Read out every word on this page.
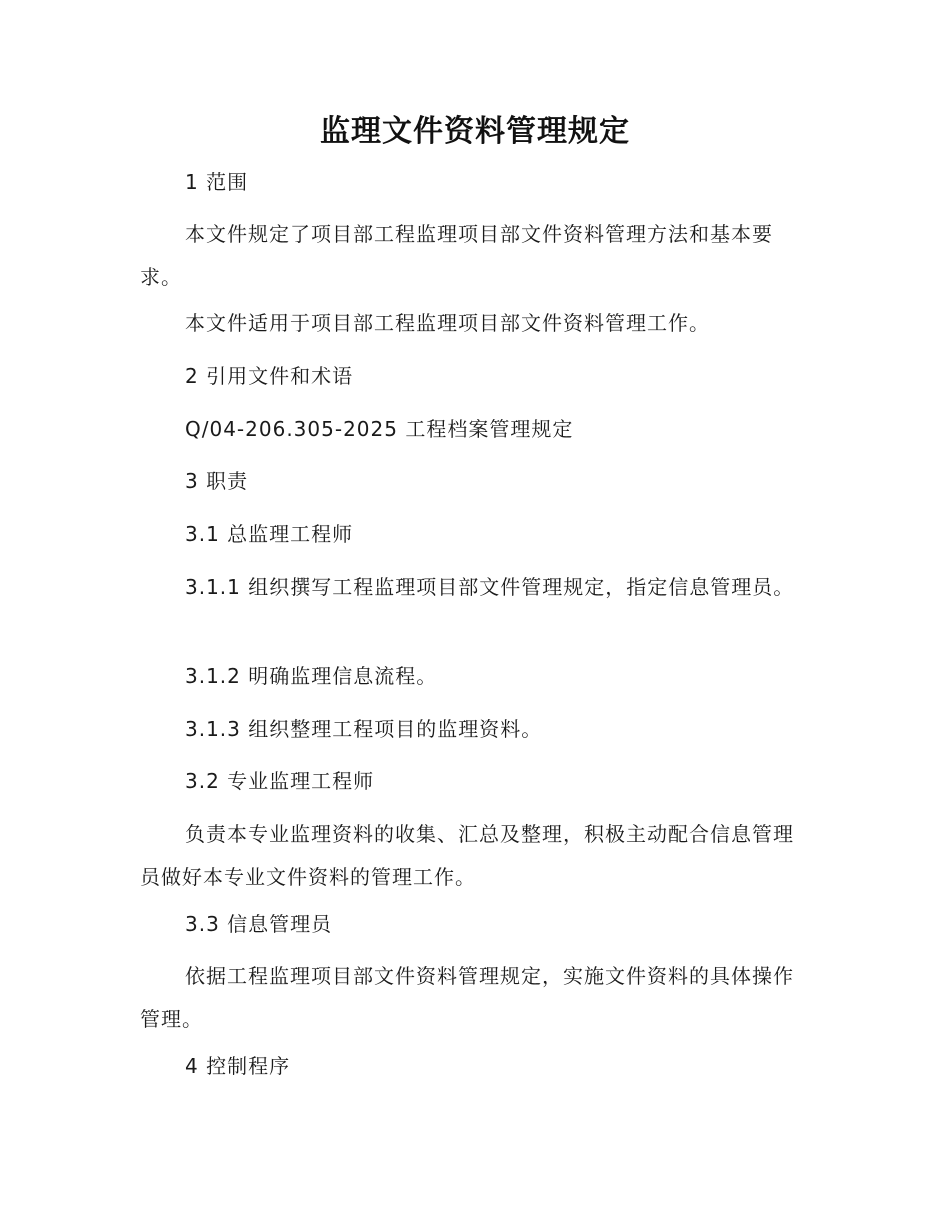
监理文件资料管理规定
1 范围
本文件规定了项目部工程监理项目部文件资料管理方法和基本要求。
本文件适用于项目部工程监理项目部文件资料管理工作。
2 引用文件和术语
Q/04-206.305-2025 工程档案管理规定
3 职责
3.1 总监理工程师
3.1.1 组织撰写工程监理项目部文件管理规定，指定信息管理员。
3.1.2 明确监理信息流程。
3.1.3 组织整理工程项目的监理资料。
3.2 专业监理工程师
负责本专业监理资料的收集、汇总及整理，积极主动配合信息管理员做好本专业文件资料的管理工作。
3.3 信息管理员
依据工程监理项目部文件资料管理规定，实施文件资料的具体操作管理。
4 控制程序
